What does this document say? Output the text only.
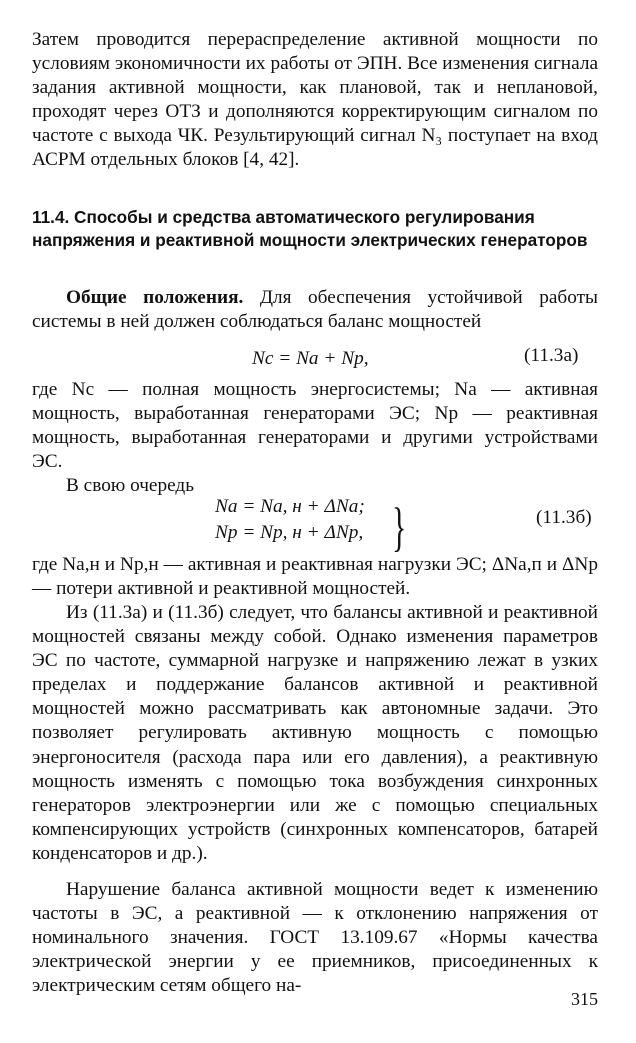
Затем проводится перераспределение активной мощности по условиям экономичности их работы от ЭПН. Все изменения сигнала задания активной мощности, как плановой, так и неплановой, проходят через ОТЗ и дополняются корректирующим сигналом по частоте с выхода ЧК. Результирующий сигнал N₃ поступает на вход АСРМ отдельных блоков [4, 42].

11.4. Способы и средства автоматического регулирования напряжения и реактивной мощности электрических генераторов

Общие положения. Для обеспечения устойчивой работы системы в ней должен соблюдаться баланс мощностей

Nс = Nа + Nр,	(11.3а)

где Nс — полная мощность энергосистемы; Nа — активная мощность, выработанная генераторами ЭС; Nр — реактивная мощность, выработанная генераторами и другими устройствами ЭС.

В свою очередь

Nа = Nа, н + ΔNа;
Nр = Nр, н + ΔNр, }	(11.3б)

где Nа,н и Nр,н — активная и реактивная нагрузки ЭС; ΔNа,п и ΔNр — потери активной и реактивной мощностей.

Из (11.3а) и (11.3б) следует, что балансы активной и реактивной мощностей связаны между собой. Однако изменения параметров ЭС по частоте, суммарной нагрузке и напряжению лежат в узких пределах и поддержание балансов активной и реактивной мощностей можно рассматривать как автономные задачи. Это позволяет регулировать активную мощность с помощью энергоносителя (расхода пара или его давления), а реактивную мощность изменять с помощью тока возбуждения синхронных генераторов электроэнергии или же с помощью специальных компенсирующих устройств (синхронных компенсаторов, батарей конденсаторов и др.).

Нарушение баланса активной мощности ведет к изменению частоты в ЭС, а реактивной — к отклонению напряжения от номинального значения. ГОСТ 13.109.67 «Нормы качества электрической энергии у ее приемников, присоединенных к электрическим сетям общего на-

315
